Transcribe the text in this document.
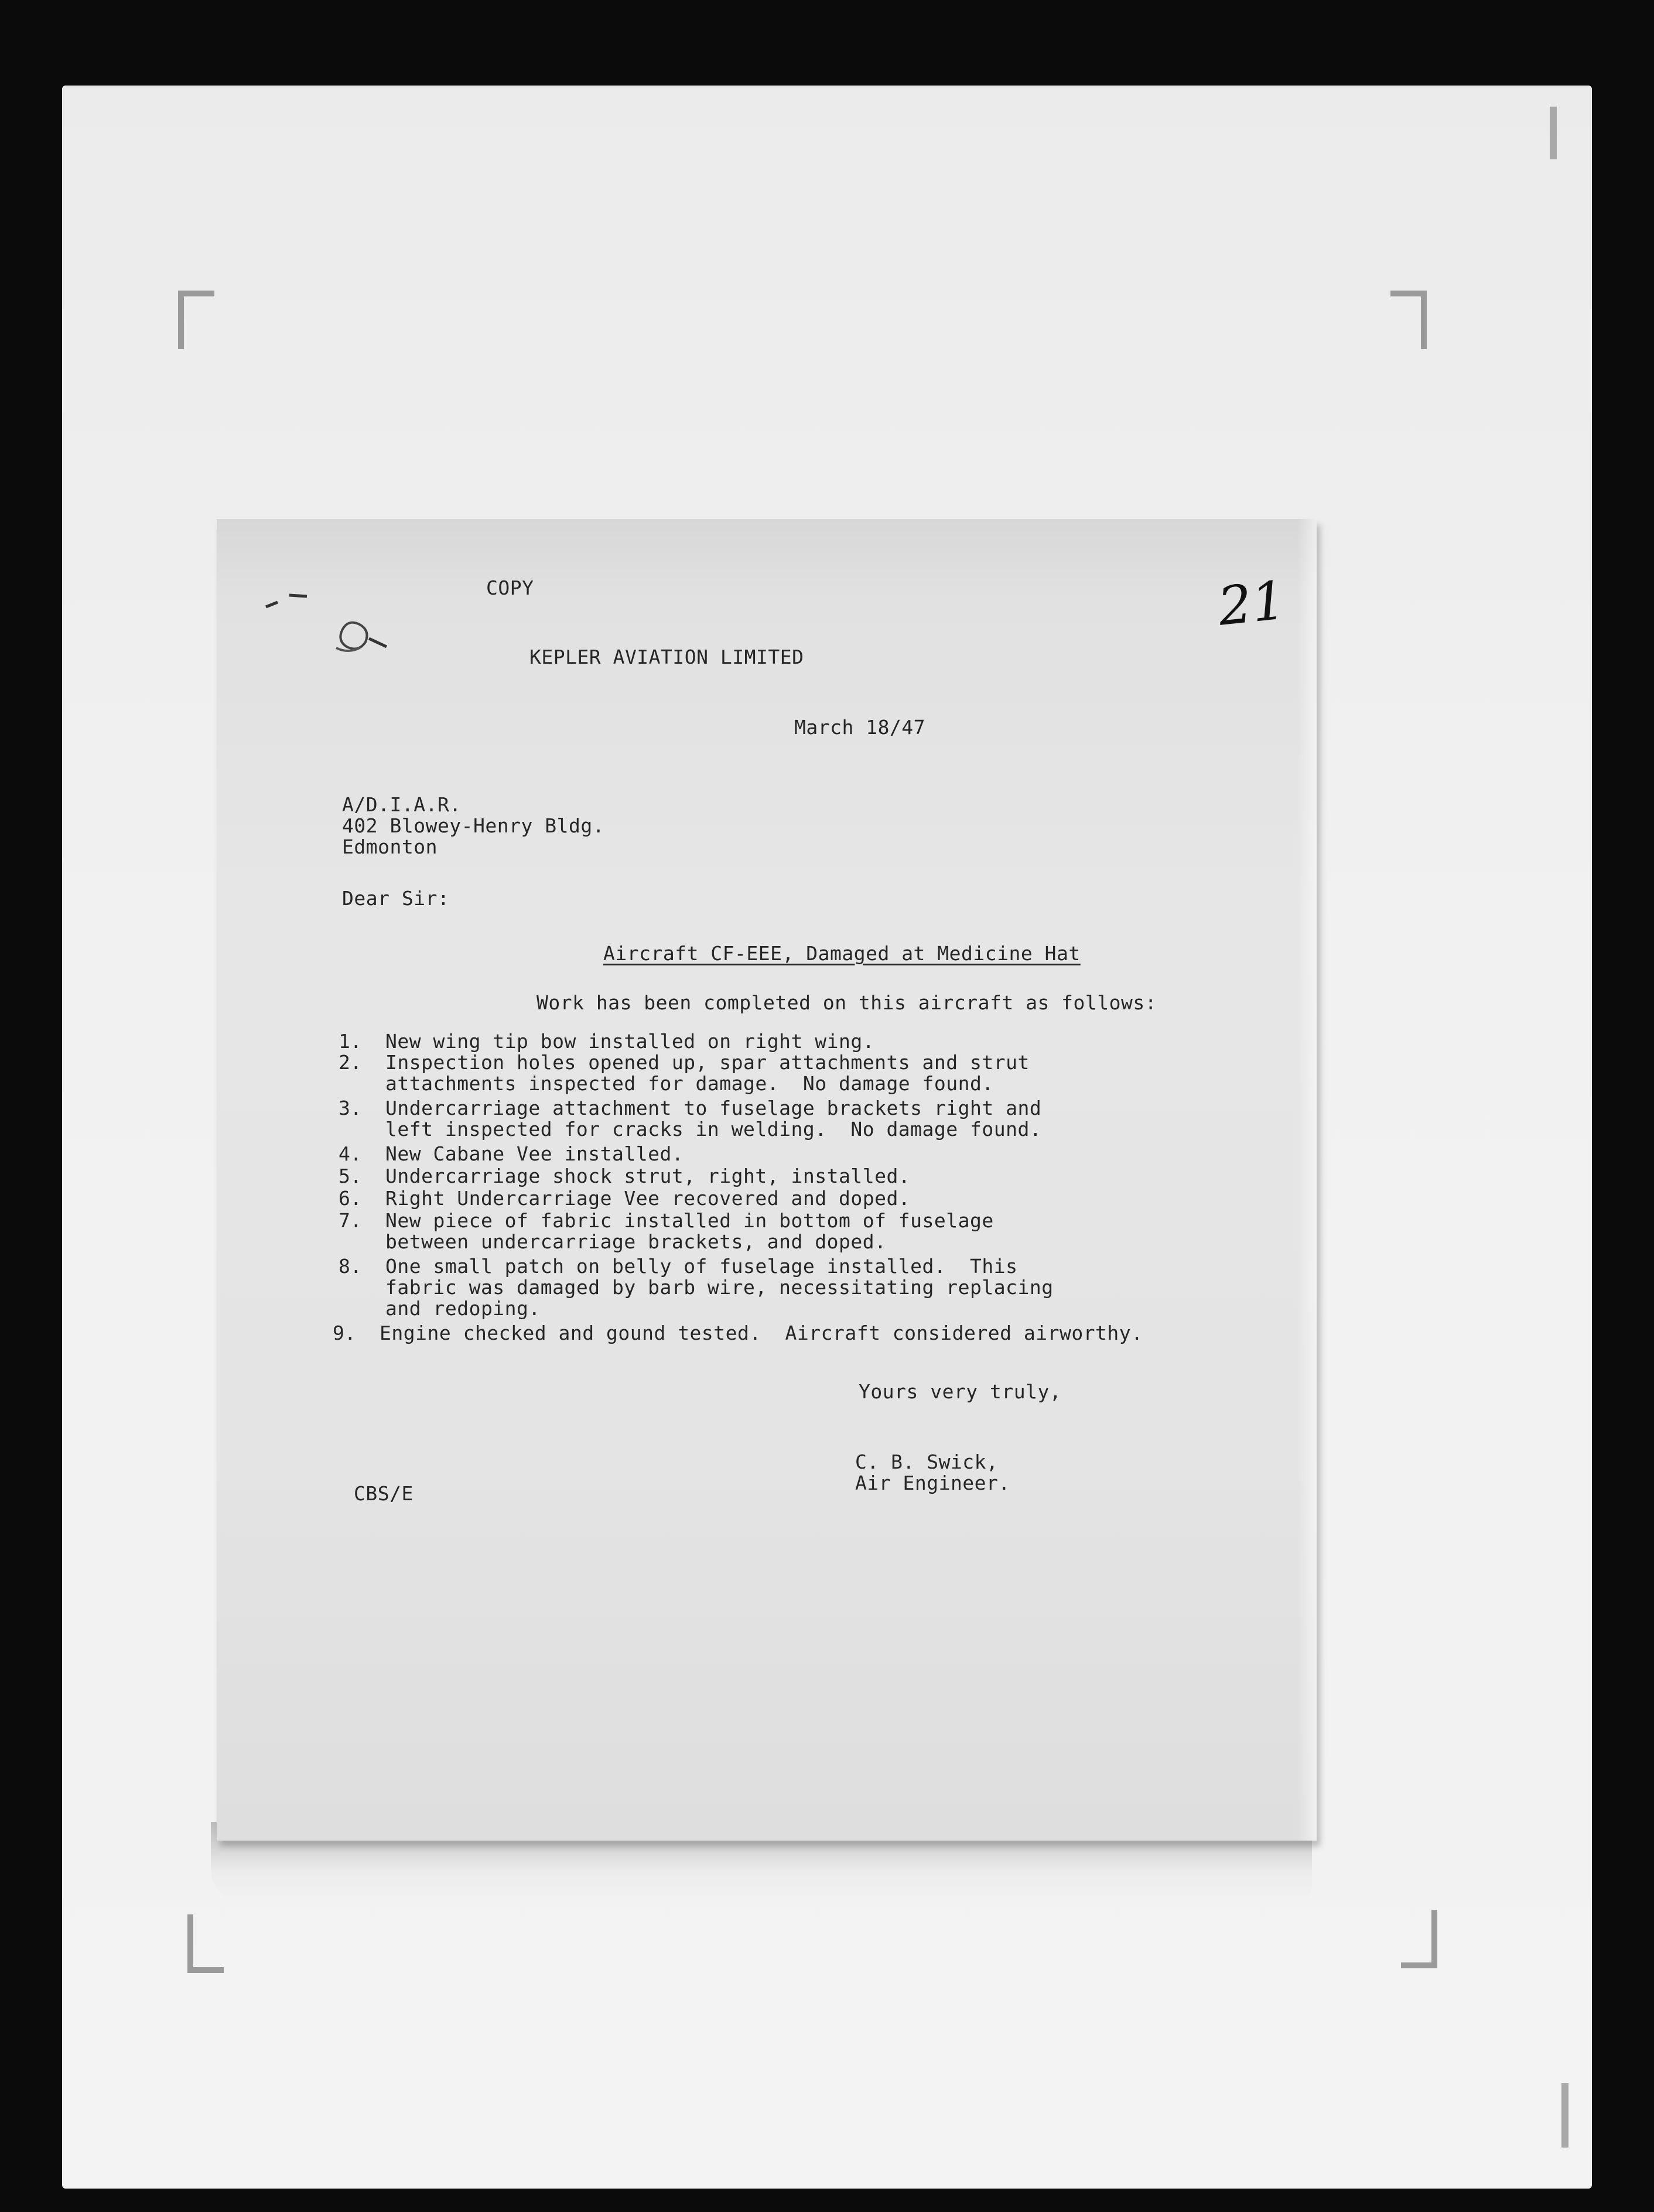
COPY	21
KEPLER AVIATION LIMITED
March 18/47
A/D.I.A.R.
402 Blowey-Henry Bldg.
Edmonton
Dear Sir:
Aircraft CF-EEE, Damaged at Medicine Hat
Work has been completed on this aircraft as follows:
1. New wing tip bow installed on right wing.
2. Inspection holes opened up, spar attachments and strut
attachments inspected for damage.  No damage found.
3. Undercarriage attachment to fuselage brackets right and
left inspected for cracks in welding.  No damage found.
4. New Cabane Vee installed.
5. Undercarriage shock strut, right, installed.
6. Right Undercarriage Vee recovered and doped.
7. New piece of fabric installed in bottom of fuselage
between undercarriage brackets, and doped.
8. One small patch on belly of fuselage installed.  This
fabric was damaged by barb wire, necessitating replacing
and redoping.
9. Engine checked and gound tested.  Aircraft considered airworthy.
Yours very truly,
C. B. Swick,
Air Engineer.
CBS/E
